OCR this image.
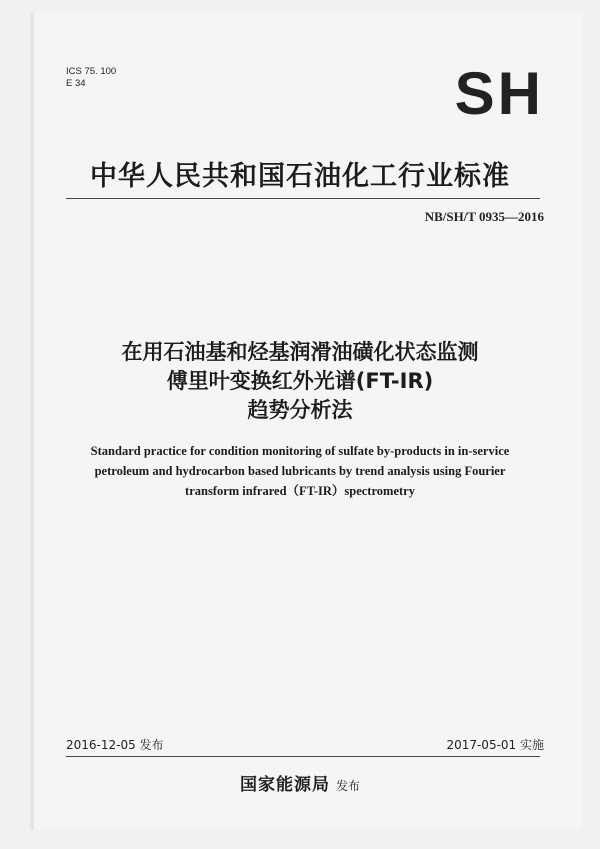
ICS 75. 100
E 34	SH
中华人民共和国石油化工行业标准
NB/SH/T 0935—2016
在用石油基和烃基润滑油磺化状态监测
傅里叶变换红外光谱(FT-IR)
趋势分析法
Standard practice for condition monitoring of sulfate by-products in in-service
petroleum and hydrocarbon based lubricants by trend analysis using Fourier
transform infrared（FT-IR）spectrometry
2016-12-05 发布	2017-05-01 实施
国家能源局 发布
